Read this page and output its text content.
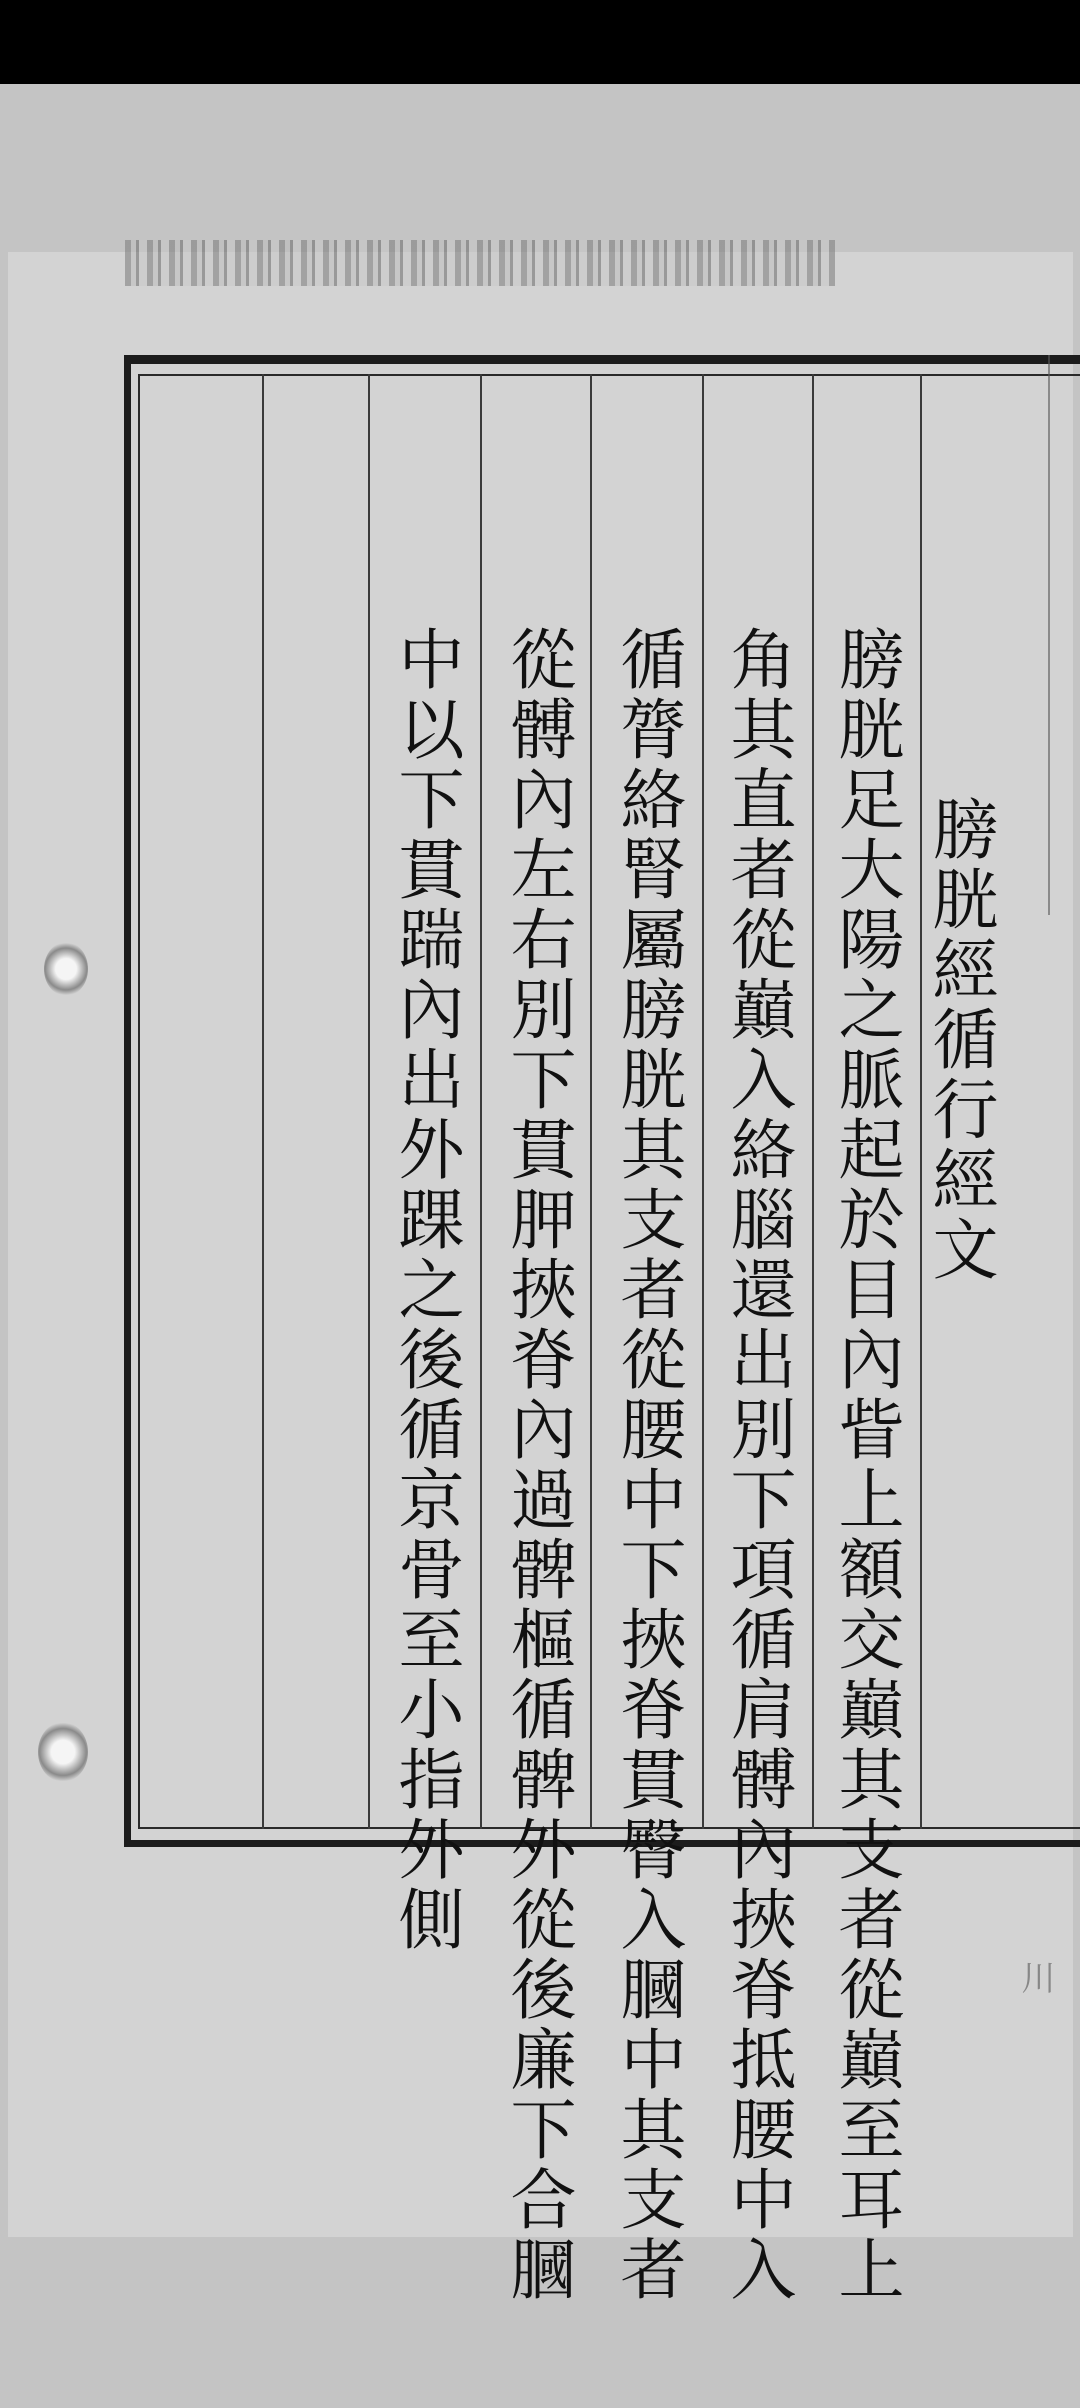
膀胱經循行經文
膀胱足大陽之脈起於目內眥上額交巔其支者從巔至耳上
角其直者從巔入絡腦還出別下項循肩髆內挾脊抵腰中入
循膂絡腎屬膀胱其支者從腰中下挾脊貫臀入膕中其支者
從髆內左右別下貫胛挾脊內過髀樞循髀外從後廉下合膕
中以下貫踹內出外踝之後循京骨至小指外側
川
